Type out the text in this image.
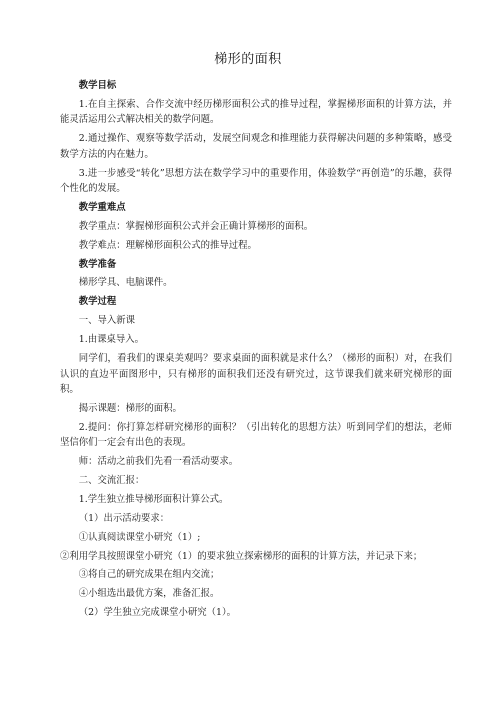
梯形的面积

教学目标

1.在自主探索、合作交流中经历梯形面积公式的推导过程，掌握梯形面积的计算方法，并能灵活运用公式解决相关的数学问题。

2.通过操作、观察等数学活动，发展空间观念和推理能力获得解决问题的多种策略，感受数学方法的内在魅力。

3.进一步感受“转化”思想方法在数学学习中的重要作用，体验数学“再创造”的乐趣，获得个性化的发展。

教学重难点

教学重点：掌握梯形面积公式并会正确计算梯形的面积。

教学难点：理解梯形面积公式的推导过程。

教学准备

梯形学具、电脑课件。

教学过程

一、导入新课

1.由课桌导入。

同学们，看我们的课桌美观吗？要求桌面的面积就是求什么？（梯形的面积）对，在我们认识的直边平面图形中，只有梯形的面积我们还没有研究过，这节课我们就来研究梯形的面积。

揭示课题：梯形的面积。

2.提问：你打算怎样研究梯形的面积？（引出转化的思想方法）听到同学们的想法，老师坚信你们一定会有出色的表现。

师：活动之前我们先看一看活动要求。

二、交流汇报：

1.学生独立推导梯形面积计算公式。

（1）出示活动要求：

①认真阅读课堂小研究（1）;

②利用学具按照课堂小研究（1）的要求独立探索梯形的面积的计算方法，并记录下来；

③将自己的研究成果在组内交流；

④小组选出最优方案，准备汇报。

（2）学生独立完成课堂小研究（1）。
